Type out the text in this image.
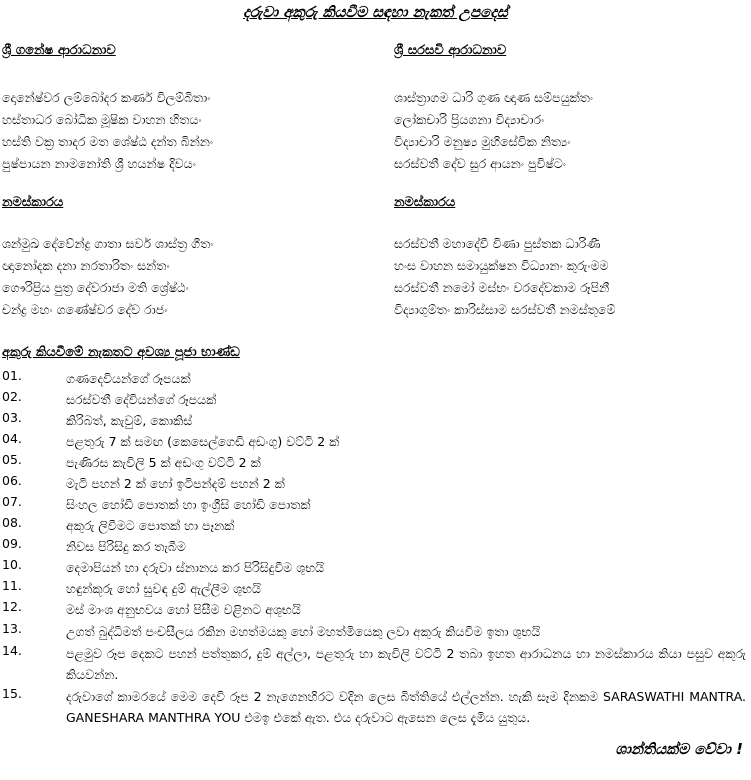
දරුවා අකුරු කියවීම සඳහා නැකත් උපදෙස්
ශ්‍රී ගනේෂ ආරාධනාව
දොනේෂ්වර ලම්බෝදර කර්ණ විලම්බිතාං
හස්තාධර බෝධික මූෂික වාහන හිතයං
හස්ති වක්‍ර තාදර මත ශේෂ්ඨ දන්ත බින්නං
පුෂ්පායන නාමනෝති ශ්‍රී හයන්ෂ දිවයං
නමස්කාරය
ශන්මුඛ දේවේන්ද්‍ර ගාතා සර්ව ශාස්ත්‍ර ගීතං
ඥානෝදක දනා නරතාරිතං සන්තං
ගෞරිප්‍රිය පුත්‍ර දේවරාජා මති ශ්‍රේෂ්ඨං
චන්ද්‍ර මහං ගණේෂ්වර දේව රාජං
ශ්‍රී සරසවි ආරාධනාව
ශාස්ත්‍රාගම ධාරි ගුණ ඥාණ සම්පයුක්තං
ලෝකචාරි ප්‍රියගනා විද්‍යාචාරං
විද්‍යාචාරි මනුෂ්‍ය මුහිසේවික නිත්‍යං
සරස්වතී දේව සුර ආයනං පුවිෂ්ටං
නමස්කාරය
සරස්වතී මහාදේවී විණා පුස්තක ධාරිණී
හංස වාහන සමායුක්ෂන විධ්‍යානං කුරුංමම
සරස්වතී නමෝ මස්භං වරදේවකාම රූපිනී
විද්‍යාගුම්තං කාරිස්සාම සරස්වතී නමස්තුමේ
අකුරු කියවීමේ නැකතට අවශ්‍ය පූජා භාණ්ඩ
01.	ගණදෙවියන්ගේ රූපයක්
02.	සරස්වතී දේවියන්ගේ රූපයක්
03.	කිරිබත්, කැවුම්, කොකිස්
04.	පළතුරු 7 ක් සමඟ (කෙසෙල්ගෙඩි අඩංගු) වට්ටි 2 ක්
05.	පැණිරස කැවිලි 5 ක් අඩංගු වට්ටි 2 ක්
06.	මැටි පහන් 2 ක් හෝ ඉටිපන්දම් පහන් 2 ක්
07.	සිංහල හෝඩි පොතක් හා ඉංග්‍රීසි හෝඩි පොතක්
08.	අකුරු ලිවීමට පොතක් හා පෑනක්
09.	නිවස පිරිසිදු කර තැබීම
10.	දෙමාපියන් හා දරුවා ස්නානය කර පිරිසිදුවීම ශුභයි
11.	හඳුන්කූරු හෝ සුවඳ දුම් ඇල්ලීම ශුභයි
12.	මස් මාංශ අනුභවය හෝ පිසීම වළිනට අශුභයි
13.	උගත් බුද්ධිමත් පංචසීලය රකින මහත්මයකු හෝ මහත්මියෙකු ලවා අකුරු කියවීම ඉතා ශුභයි
14.	පළමුව රූප දෙකට පහන් පත්තුකර, දුම් අල්ලා, පළතුරු හා කැවිලි වට්ටි 2 තබා ඉහත ආරාධනය හා නමස්කාරය කියා පසුව අකුරු කියවන්න.
15.	දරුවාගේ කාමරයේ මෙම දෙවි රූප 2 නැගෙනහිරට වදින ලෙස බිත්තියේ එල්ලන්න. හැකි සෑම දිනකම SARASWATHI MANTRA. GANESHARA MANTHRA YOU එමඉ එකේ ඇත. එය දරුවාට ඇසෙන ලෙස දැමිය යුතුය.
ශාන්තියක්ම වේවා !
